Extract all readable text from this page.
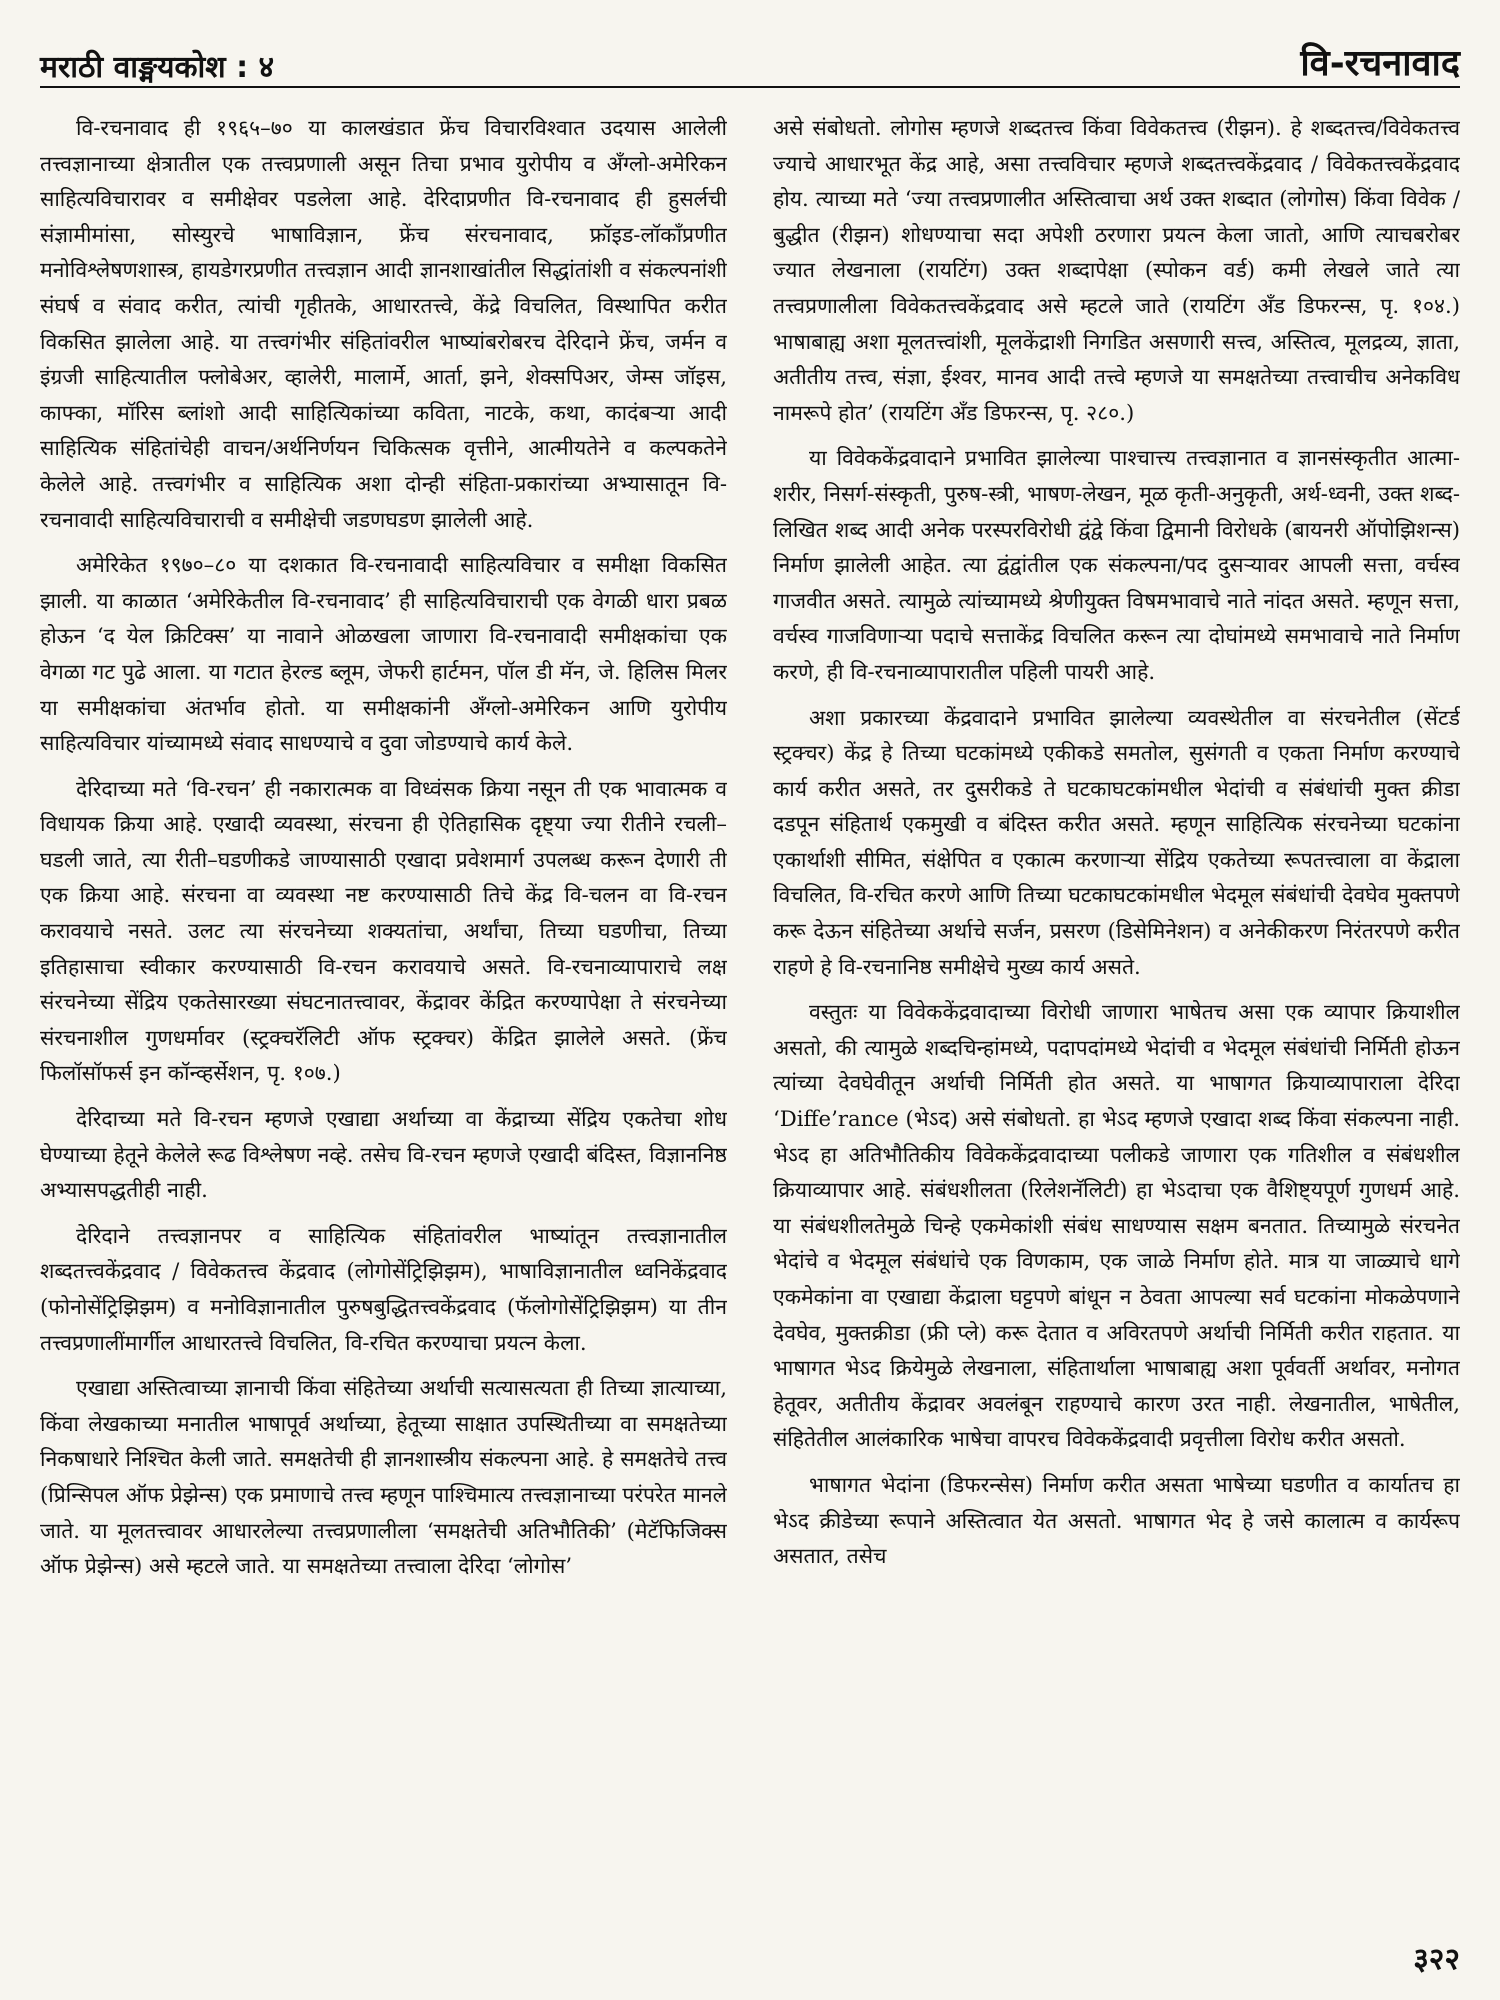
मराठी वाङ्मयकोश : ४	वि-रचनावाद

वि-रचनावाद ही १९६५–७० या कालखंडात फ्रेंच विचारविश्वात उदयास आलेली तत्त्वज्ञानाच्या क्षेत्रातील एक तत्त्वप्रणाली असून तिचा प्रभाव युरोपीय व ॲंग्लो-अमेरिकन साहित्यविचारावर व समीक्षेवर पडलेला आहे. देरिदाप्रणीत वि-रचनावाद ही हुसर्लची संज्ञामीमांसा, सोस्युरचे भाषाविज्ञान, फ्रेंच संरचनावाद, फ्रॉइड-लॉकॉंप्रणीत मनोविश्लेषणशास्त्र, हायडेगरप्रणीत तत्त्वज्ञान आदी ज्ञानशाखांतील सिद्धांतांशी व संकल्पनांशी संघर्ष व संवाद करीत, त्यांची गृहीतके, आधारतत्त्वे, केंद्रे विचलित, विस्थापित करीत विकसित झालेला आहे. या तत्त्वगंभीर संहितांवरील भाष्यांबरोबरच देरिदाने फ्रेंच, जर्मन व इंग्रजी साहित्यातील फ्लोबेअर, व्हालेरी, मालार्मे, आर्ता, झने, शेक्सपिअर, जेम्स जॉइस, काफ्का, मॉरिस ब्लांशो आदी साहित्यिकांच्या कविता, नाटके, कथा, कादंबऱ्या आदी साहित्यिक संहितांचेही वाचन/अर्थनिर्णयन चिकित्सक वृत्तीने, आत्मीयतेने व कल्पकतेने केलेले आहे. तत्त्वगंभीर व साहित्यिक अशा दोन्ही संहिता-प्रकारांच्या अभ्यासातून वि-रचनावादी साहित्यविचाराची व समीक्षेची जडणघडण झालेली आहे.

अमेरिकेत १९७०–८० या दशकात वि-रचनावादी साहित्यविचार व समीक्षा विकसित झाली. या काळात ‘अमेरिकेतील वि-रचनावाद’ ही साहित्यविचाराची एक वेगळी धारा प्रबळ होऊन ‘द येल क्रिटिक्स’ या नावाने ओळखला जाणारा वि-रचनावादी समीक्षकांचा एक वेगळा गट पुढे आला. या गटात हेरल्ड ब्लूम, जेफरी हार्टमन, पॉल डी मॅन, जे. हिलिस मिलर या समीक्षकांचा अंतर्भाव होतो. या समीक्षकांनी ॲंग्लो-अमेरिकन आणि युरोपीय साहित्यविचार यांच्यामध्ये संवाद साधण्याचे व दुवा जोडण्याचे कार्य केले.

देरिदाच्या मते ‘वि-रचन’ ही नकारात्मक वा विध्वंसक क्रिया नसून ती एक भावात्मक व विधायक क्रिया आहे. एखादी व्यवस्था, संरचना ही ऐतिहासिक दृष्ट्या ज्या रीतीने रचली–घडली जाते, त्या रीती–घडणीकडे जाण्यासाठी एखादा प्रवेशमार्ग उपलब्ध करून देणारी ती एक क्रिया आहे. संरचना वा व्यवस्था नष्ट करण्यासाठी तिचे केंद्र वि-चलन वा वि-रचन करावयाचे नसते. उलट त्या संरचनेच्या शक्यतांचा, अर्थांचा, तिच्या घडणीचा, तिच्या इतिहासाचा स्वीकार करण्यासाठी वि-रचन करावयाचे असते. वि-रचनाव्यापाराचे लक्ष संरचनेच्या सेंद्रिय एकतेसारख्या संघटनातत्त्वावर, केंद्रावर केंद्रित करण्यापेक्षा ते संरचनेच्या संरचनाशील गुणधर्मावर (स्ट्रक्चरॅलिटी ऑफ स्ट्रक्चर) केंद्रित झालेले असते. (फ्रेंच फिलॉसॉफर्स इन कॉन्व्हर्सेशन, पृ. १०७.)

देरिदाच्या मते वि-रचन म्हणजे एखाद्या अर्थाच्या वा केंद्राच्या सेंद्रिय एकतेचा शोध घेण्याच्या हेतूने केलेले रूढ विश्लेषण नव्हे. तसेच वि-रचन म्हणजे एखादी बंदिस्त, विज्ञाननिष्ठ अभ्यासपद्धतीही नाही.

देरिदाने तत्त्वज्ञानपर व साहित्यिक संहितांवरील भाष्यांतून तत्त्वज्ञानातील शब्दतत्त्वकेंद्रवाद / विवेकतत्त्व केंद्रवाद (लोगोसेंट्रिझिझम), भाषाविज्ञानातील ध्वनिकेंद्रवाद (फोनोसेंट्रिझिझम) व मनोविज्ञानातील पुरुषबुद्धितत्त्वकेंद्रवाद (फॅलोगोसेंट्रिझिझम) या तीन तत्त्वप्रणालींमार्गील आधारतत्त्वे विचलित, वि-रचित करण्याचा प्रयत्न केला.

एखाद्या अस्तित्वाच्या ज्ञानाची किंवा संहितेच्या अर्थाची सत्यासत्यता ही तिच्या ज्ञात्याच्या, किंवा लेखकाच्या मनातील भाषापूर्व अर्थाच्या, हेतूच्या साक्षात उपस्थितीच्या वा समक्षतेच्या निकषाधारे निश्चित केली जाते. समक्षतेची ही ज्ञानशास्त्रीय संकल्पना आहे. हे समक्षतेचे तत्त्व (प्रिन्सिपल ऑफ प्रेझेन्स) एक प्रमाणाचे तत्त्व म्हणून पाश्चिमात्य तत्त्वज्ञानाच्या परंपरेत मानले जाते. या मूलतत्त्वावर आधारलेल्या तत्त्वप्रणालीला ‘समक्षतेची अतिभौतिकी’ (मेटॅफिजिक्स ऑफ प्रेझेन्स) असे म्हटले जाते. या समक्षतेच्या तत्त्वाला देरिदा ‘लोगोस’

असे संबोधतो. लोगोस म्हणजे शब्दतत्त्व किंवा विवेकतत्त्व (रीझन). हे शब्दतत्त्व/विवेकतत्त्व ज्याचे आधारभूत केंद्र आहे, असा तत्त्वविचार म्हणजे शब्दतत्त्वकेंद्रवाद / विवेकतत्त्वकेंद्रवाद होय. त्याच्या मते ‘ज्या तत्त्वप्रणालीत अस्तित्वाचा अर्थ उक्त शब्दात (लोगोस) किंवा विवेक / बुद्धीत (रीझन) शोधण्याचा सदा अपेशी ठरणारा प्रयत्न केला जातो, आणि त्याचबरोबर ज्यात लेखनाला (रायटिंग) उक्त शब्दापेक्षा (स्पोकन वर्ड) कमी लेखले जाते त्या तत्त्वप्रणालीला विवेकतत्त्वकेंद्रवाद असे म्हटले जाते (रायटिंग ॲंड डिफरन्स, पृ. १०४.) भाषाबाह्य अशा मूलतत्त्वांशी, मूलकेंद्राशी निगडित असणारी सत्त्व, अस्तित्व, मूलद्रव्य, ज्ञाता, अतीतीय तत्त्व, संज्ञा, ईश्वर, मानव आदी तत्त्वे म्हणजे या समक्षतेच्या तत्त्वाचीच अनेकविध नामरूपे होत’ (रायटिंग ॲंड डिफरन्स, पृ. २८०.)

या विवेककेंद्रवादाने प्रभावित झालेल्या पाश्चात्त्य तत्त्वज्ञानात व ज्ञानसंस्कृतीत आत्मा-शरीर, निसर्ग-संस्कृती, पुरुष-स्त्री, भाषण-लेखन, मूळ कृती-अनुकृती, अर्थ-ध्वनी, उक्त शब्द-लिखित शब्द आदी अनेक परस्परविरोधी द्वंद्वे किंवा द्विमानी विरोधके (बायनरी ऑपोझिशन्स) निर्माण झालेली आहेत. त्या द्वंद्वांतील एक संकल्पना/पद दुसऱ्यावर आपली सत्ता, वर्चस्व गाजवीत असते. त्यामुळे त्यांच्यामध्ये श्रेणीयुक्त विषमभावाचे नाते नांदत असते. म्हणून सत्ता, वर्चस्व गाजविणाऱ्या पदाचे सत्ताकेंद्र विचलित करून त्या दोघांमध्ये समभावाचे नाते निर्माण करणे, ही वि-रचनाव्यापारातील पहिली पायरी आहे.

अशा प्रकारच्या केंद्रवादाने प्रभावित झालेल्या व्यवस्थेतील वा संरचनेतील (सेंटर्ड स्ट्रक्चर) केंद्र हे तिच्या घटकांमध्ये एकीकडे समतोल, सुसंगती व एकता निर्माण करण्याचे कार्य करीत असते, तर दुसरीकडे ते घटकाघटकांमधील भेदांची व संबंधांची मुक्त क्रीडा दडपून संहितार्थ एकमुखी व बंदिस्त करीत असते. म्हणून साहित्यिक संरचनेच्या घटकांना एकार्थाशी सीमित, संक्षेपित व एकात्म करणाऱ्या सेंद्रिय एकतेच्या रूपतत्त्वाला वा केंद्राला विचलित, वि-रचित करणे आणि तिच्या घटकाघटकांमधील भेदमूल संबंधांची देवघेव मुक्तपणे करू देऊन संहितेच्या अर्थाचे सर्जन, प्रसरण (डिसेमिनेशन) व अनेकीकरण निरंतरपणे करीत राहणे हे वि-रचनानिष्ठ समीक्षेचे मुख्य कार्य असते.

वस्तुतः या विवेककेंद्रवादाच्या विरोधी जाणारा भाषेतच असा एक व्यापार क्रियाशील असतो, की त्यामुळे शब्दचिन्हांमध्ये, पदापदांमध्ये भेदांची व भेदमूल संबंधांची निर्मिती होऊन त्यांच्या देवघेवीतून अर्थाची निर्मिती होत असते. या भाषागत क्रियाव्यापाराला देरिदा ‘Diffe’rance (भेऽद) असे संबोधतो. हा भेऽद म्हणजे एखादा शब्द किंवा संकल्पना नाही. भेऽद हा अतिभौतिकीय विवेककेंद्रवादाच्या पलीकडे जाणारा एक गतिशील व संबंधशील क्रियाव्यापार आहे. संबंधशीलता (रिलेशनॅलिटी) हा भेऽदाचा एक वैशिष्ट्यपूर्ण गुणधर्म आहे. या संबंधशीलतेमुळे चिन्हे एकमेकांशी संबंध साधण्यास सक्षम बनतात. तिच्यामुळे संरचनेत भेदांचे व भेदमूल संबंधांचे एक विणकाम, एक जाळे निर्माण होते. मात्र या जाळ्याचे धागे एकमेकांना वा एखाद्या केंद्राला घट्टपणे बांधून न ठेवता आपल्या सर्व घटकांना मोकळेपणाने देवघेव, मुक्तक्रीडा (फ्री प्ले) करू देतात व अविरतपणे अर्थाची निर्मिती करीत राहतात. या भाषागत भेऽद क्रियेमुळे लेखनाला, संहितार्थाला भाषाबाह्य अशा पूर्ववर्ती अर्थावर, मनोगत हेतूवर, अतीतीय केंद्रावर अवलंबून राहण्याचे कारण उरत नाही. लेखनातील, भाषेतील, संहितेतील आलंकारिक भाषेचा वापरच विवेककेंद्रवादी प्रवृत्तीला विरोध करीत असतो.

भाषागत भेदांना (डिफरन्सेस) निर्माण करीत असता भाषेच्या घडणीत व कार्यातच हा भेऽद क्रीडेच्या रूपाने अस्तित्वात येत असतो. भाषागत भेद हे जसे कालात्म व कार्यरूप असतात, तसेच

३२२
